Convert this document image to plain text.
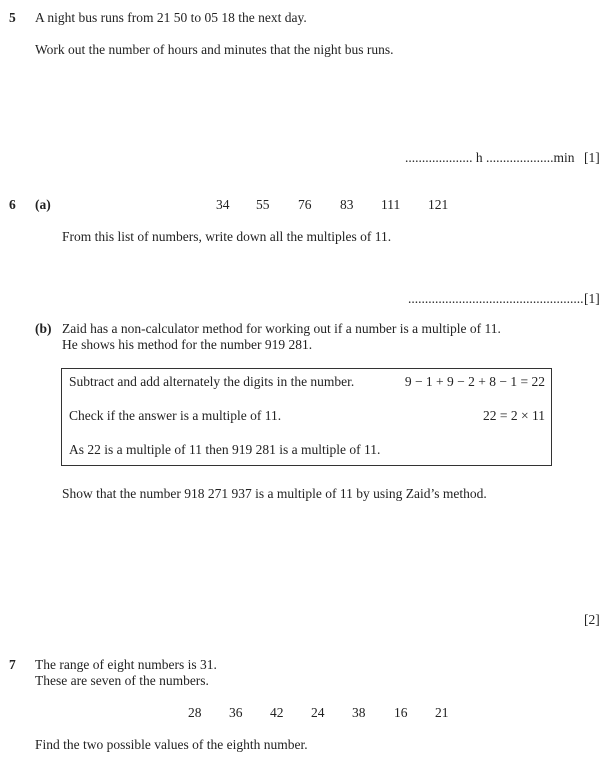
5 A night bus runs from 21 50 to 05 18 the next day.
Work out the number of hours and minutes that the night bus runs.
.................... h ....................min [1]
6 (a)	34 55 76 83 111 121
From this list of numbers, write down all the multiples of 11.
.................................................... [1]
(b) Zaid has a non-calculator method for working out if a number is a multiple of 11.
He shows his method for the number 919 281.
Subtract and add alternately the digits in the number.	9 − 1 + 9 − 2 + 8 − 1 = 22
Check if the answer is a multiple of 11.	22 = 2 × 11
As 22 is a multiple of 11 then 919 281 is a multiple of 11.
Show that the number 918 271 937 is a multiple of 11 by using Zaid’s method.
[2]
7 The range of eight numbers is 31.
These are seven of the numbers.
28 36 42 24 38 16 21
Find the two possible values of the eighth number.
